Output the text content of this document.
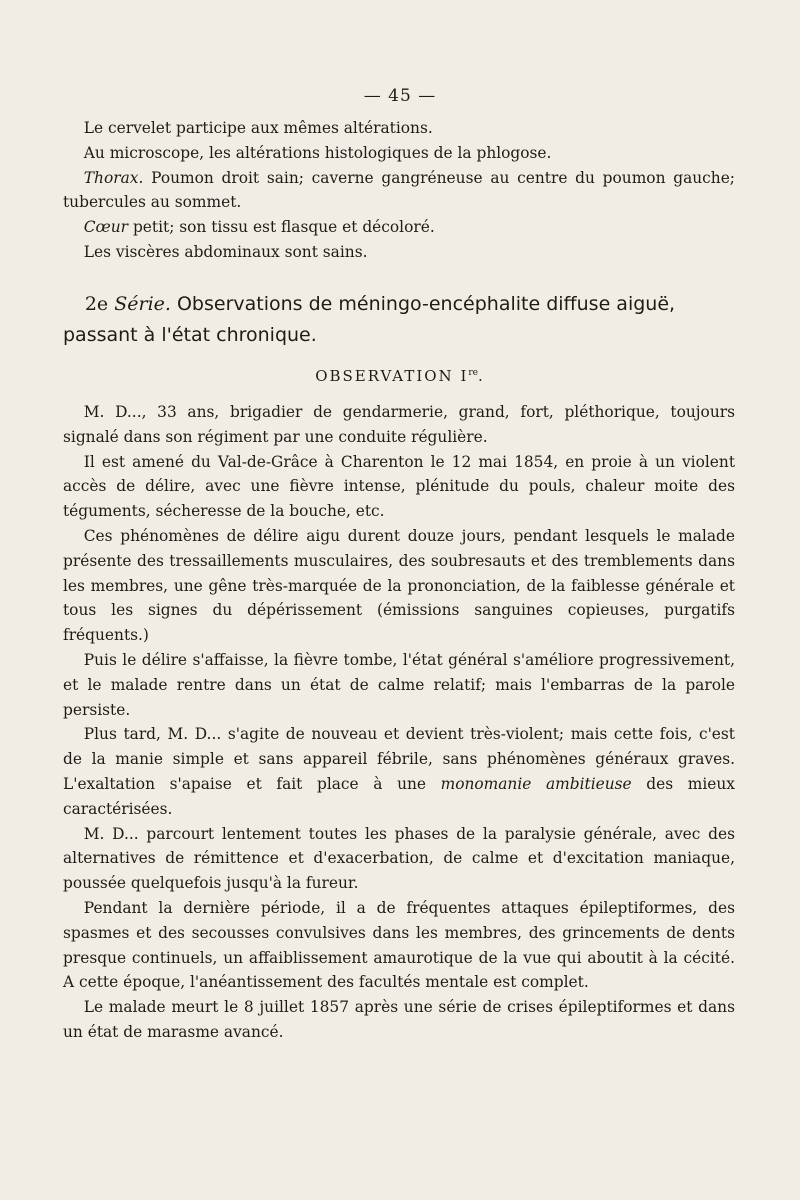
— 45 —

Le cervelet participe aux mêmes altérations.

Au microscope, les altérations histologiques de la phlogose.

Thorax. Poumon droit sain; caverne gangréneuse au centre du poumon gauche; tubercules au sommet.

Cœur petit; son tissu est flasque et décoloré.

Les viscères abdominaux sont sains.

2e Série. Observations de méningo-encéphalite diffuse aiguë, passant à l'état chronique.
OBSERVATION Ire.

M. D..., 33 ans, brigadier de gendarmerie, grand, fort, pléthorique, toujours signalé dans son régiment par une conduite régulière.

Il est amené du Val-de-Grâce à Charenton le 12 mai 1854, en proie à un violent accès de délire, avec une fièvre intense, plénitude du pouls, chaleur moite des téguments, sécheresse de la bouche, etc.

Ces phénomènes de délire aigu durent douze jours, pendant lesquels le malade présente des tressaillements musculaires, des soubresauts et des tremblements dans les membres, une gêne très-marquée de la prononciation, de la faiblesse générale et tous les signes du dépérissement (émissions sanguines copieuses, purgatifs fréquents.)

Puis le délire s'affaisse, la fièvre tombe, l'état général s'améliore progressivement, et le malade rentre dans un état de calme relatif; mais l'embarras de la parole persiste.

Plus tard, M. D... s'agite de nouveau et devient très-violent; mais cette fois, c'est de la manie simple et sans appareil fébrile, sans phénomènes généraux graves. L'exaltation s'apaise et fait place à une monomanie ambitieuse des mieux caractérisées.

M. D... parcourt lentement toutes les phases de la paralysie générale, avec des alternatives de rémittence et d'exacerbation, de calme et d'excitation maniaque, poussée quelquefois jusqu'à la fureur.

Pendant la dernière période, il a de fréquentes attaques épileptiformes, des spasmes et des secousses convulsives dans les membres, des grincements de dents presque continuels, un affaiblissement amaurotique de la vue qui aboutit à la cécité. A cette époque, l'anéantissement des facultés mentale est complet.

Le malade meurt le 8 juillet 1857 après une série de crises épileptiformes et dans un état de marasme avancé.
